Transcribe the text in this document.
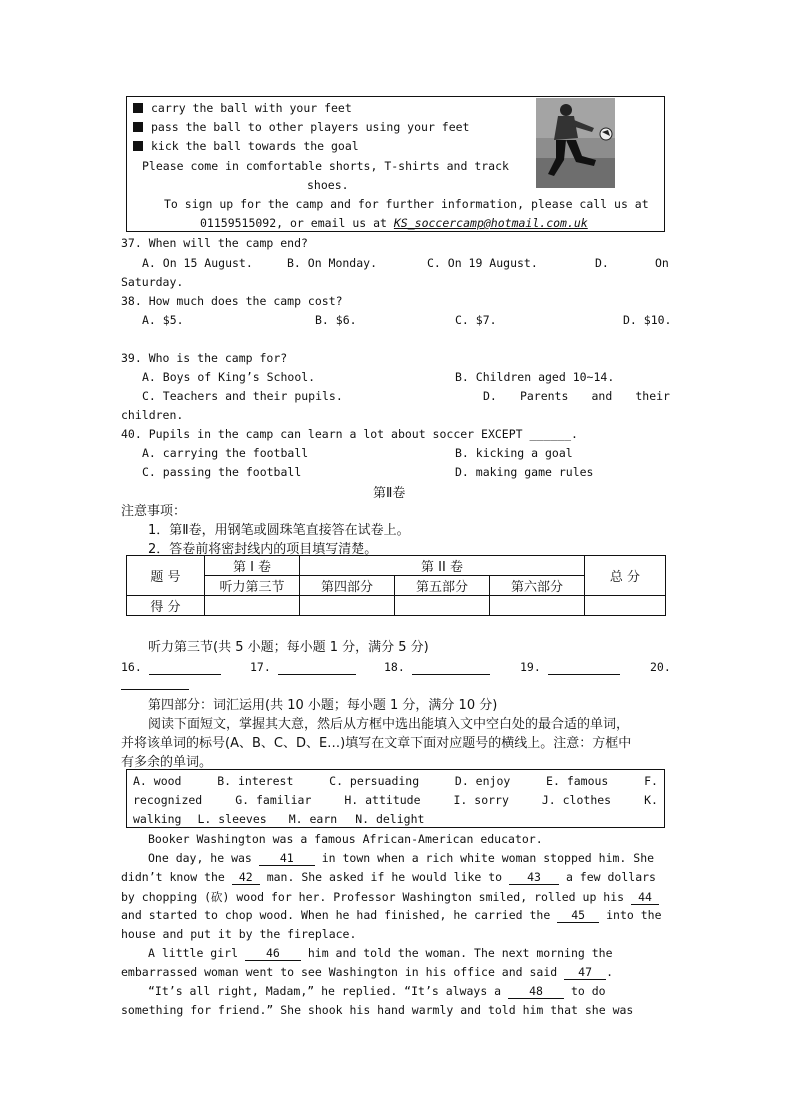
carry the ball with your feet
pass the ball to other players using your feet
kick the ball towards the goal
Please come in comfortable shorts, T-shirts and track
shoes.
To sign up for the camp and for further information, please call us at
01159515092, or email us at KS_soccercamp@hotmail.com.uk
37. When will the camp end?
A. On 15 August.	B. On Monday.	C. On 19 August.	D.	On
Saturday.
38. How much does the camp cost?
A. $5.	B. $6.	C. $7.	D. $10.
39. Who is the camp for?
A. Boys of King’s School.	B. Children aged 10~14.
C. Teachers and their pupils.	D. Parents and their
children.
40. Pupils in the camp can learn a lot about soccer EXCEPT ______.
A. carrying the football	B. kicking a goal
C. passing the football	D. making game rules
第Ⅱ卷
注意事项：
1．第Ⅱ卷，用钢笔或圆珠笔直接答在试卷上。
2．答卷前将密封线内的项目填写清楚。
题 号	第 I 卷	第 II 卷			总 分
	听力第三节	第四部分	第五部分	第六部分	
得 分					
听力第三节(共 5 小题；每小题 1 分，满分 5 分)
16.	17.	18.	19.	20.
第四部分：词汇运用(共 10 小题；每小题 1 分，满分 10 分)
阅读下面短文，掌握其大意，然后从方框中选出能填入文中空白处的最合适的单词，
并将该单词的标号(A、B、C、D、E…)填写在文章下面对应题号的横线上。注意：方框中
有多余的单词。
A. wood	B. interest	C. persuading	D. enjoy	E. famous	F.
recognized	G. familiar	H. attitude	I. sorry	J. clothes	K.
walking L. sleeves M. earn N. delight
Booker Washington was a famous African-American educator.
One day, he was 41 in town when a rich white woman stopped him. She
didn’t know the 42 man. She asked if he would like to 43 a few dollars
by chopping (砍) wood for her. Professor Washington smiled, rolled up his 44
and started to chop wood. When he had finished, he carried the 45 into the
house and put it by the fireplace.
A little girl 46 him and told the woman. The next morning the
embarrassed woman went to see Washington in his office and said 47 .
“It’s all right, Madam,” he replied. “It’s always a 48 to do
something for friend.” She shook his hand warmly and told him that she was
